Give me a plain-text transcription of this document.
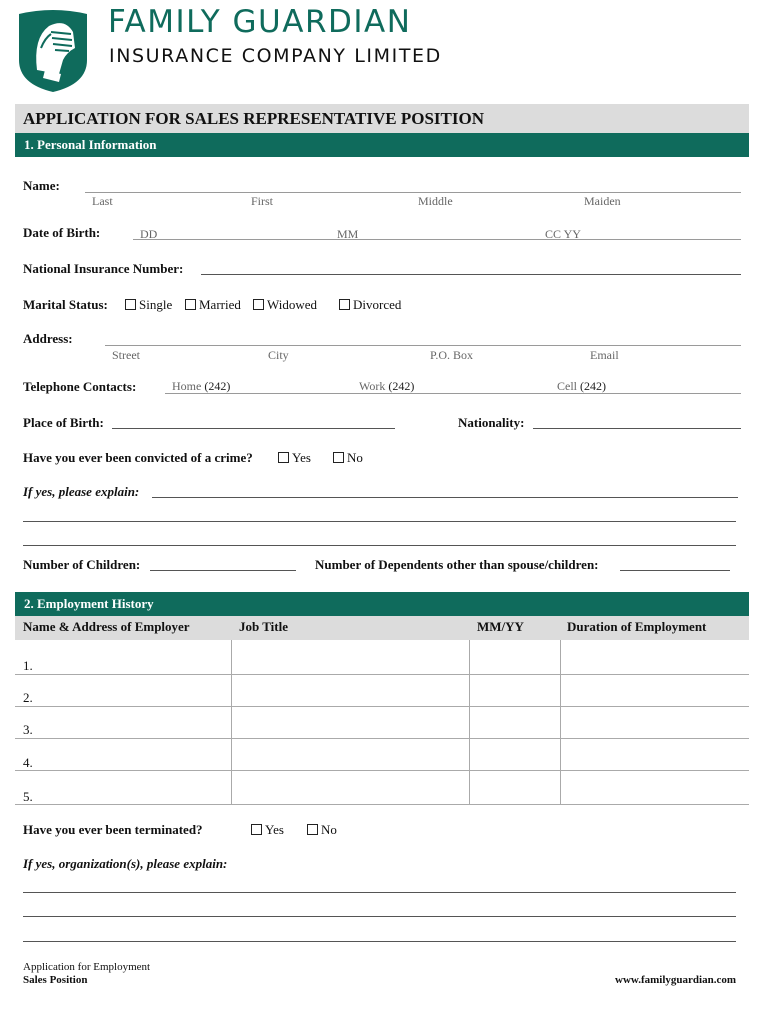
FAMILY GUARDIAN
INSURANCE COMPANY LIMITED
APPLICATION FOR SALES REPRESENTATIVE POSITION
1. Personal Information
Name:
Last	First	Middle	Maiden
Date of Birth:	DD	MM	CC YY
National Insurance Number:
Marital Status:	Single	Married	Widowed	Divorced
Address:
Street	City	P.O. Box	Email
Telephone Contacts:	Home (242)	Work (242)	Cell (242)
Place of Birth:	Nationality:
Have you ever been convicted of a crime?	Yes	No
If yes, please explain:
Number of Children:	Number of Dependents other than spouse/children:
2. Employment History
Name & Address of Employer	Job Title	MM/YY	Duration of Employment
1.
2.
3.
4.
5.
Have you ever been terminated?	Yes	No
If yes, organization(s), please explain:
Application for Employment
Sales Position	www.familyguardian.com
